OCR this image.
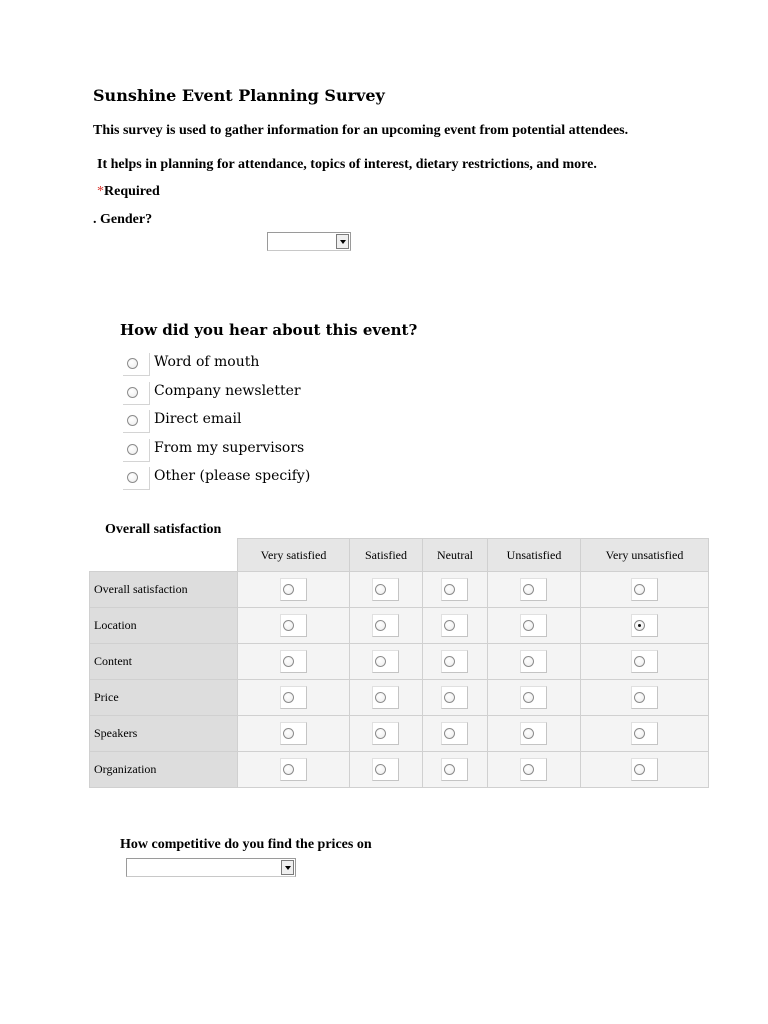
Sunshine Event Planning Survey
This survey is used to gather information for an upcoming event from potential attendees.
It helps in planning for attendance, topics of interest, dietary restrictions, and more.
*Required
. Gender?
How did you hear about this event?
Word of mouth
Company newsletter
Direct email
From my supervisors
Other (please specify)
Overall satisfaction
	Very satisfied	Satisfied	Neutral	Unsatisfied	Very unsatisfied
Overall satisfaction	

Location	

Content	

Price	

Speakers	

Organization	

How competitive do you find the prices on
